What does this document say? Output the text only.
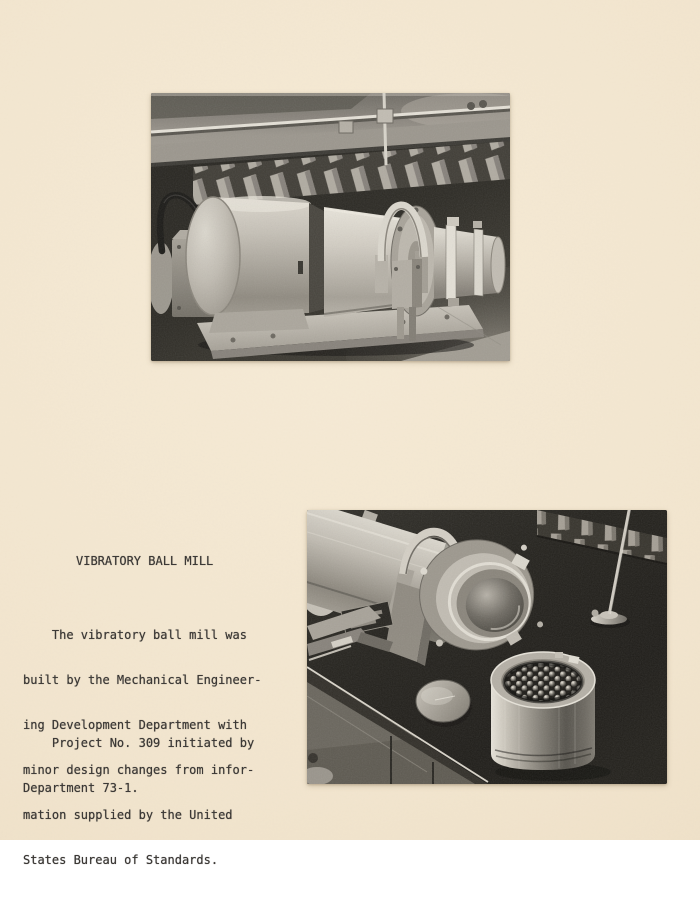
VIBRATORY BALL MILL

The vibratory ball mill was

built by the Mechanical Engineer-

ing Development Department with

minor design changes from infor-

mation supplied by the United

States Bureau of Standards.

Project No. 309 initiated by

Department 73-1.
